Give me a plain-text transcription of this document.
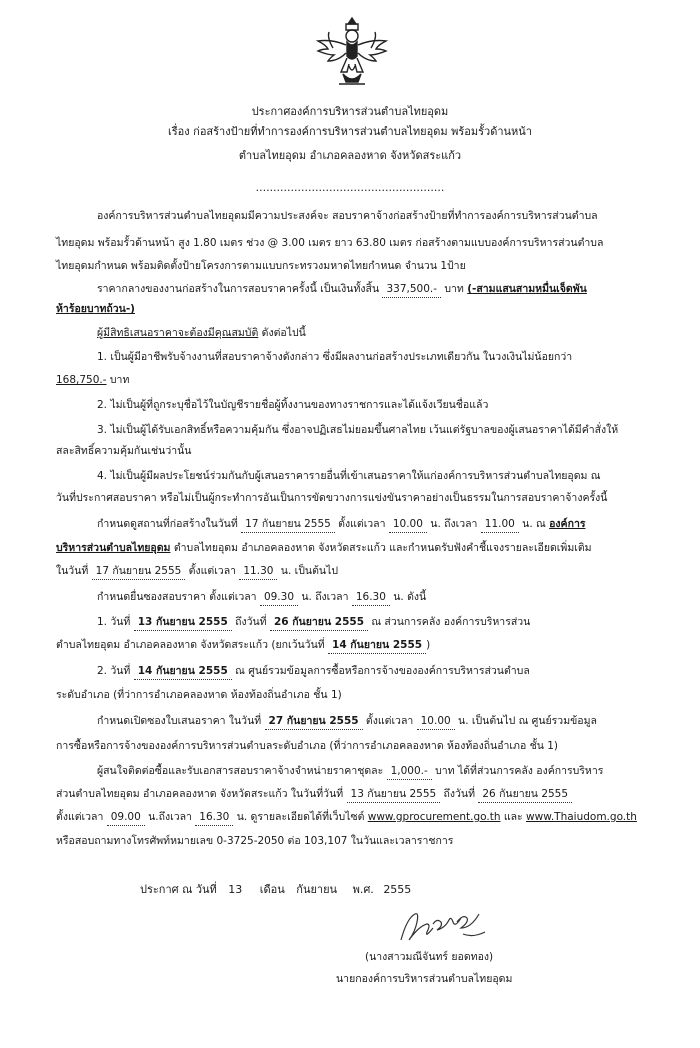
ประกาศองค์การบริหารส่วนตำบลไทยอุดม
เรื่อง ก่อสร้างป้ายที่ทำการองค์การบริหารส่วนตำบลไทยอุดม พร้อมรั้วด้านหน้า
ตำบลไทยอุดม อำเภอคลองหาด จังหวัดสระแก้ว
......................................................
องค์การบริหารส่วนตำบลไทยอุดมมีความประสงค์จะ สอบราคาจ้างก่อสร้างป้ายที่ทำการองค์การบริหารส่วนตำบล
ไทยอุดม พร้อมรั้วด้านหน้า สูง 1.80 เมตร ช่วง @ 3.00 เมตร ยาว 63.80 เมตร ก่อสร้างตามแบบองค์การบริหารส่วนตำบล
ไทยอุดมกำหนด พร้อมติดตั้งป้ายโครงการตามแบบกระทรวงมหาดไทยกำหนด จำนวน 1ป้าย
ราคากลางของงานก่อสร้างในการสอบราคาครั้งนี้ เป็นเงินทั้งสิ้น 337,500.- บาท (-สามแสนสามหมื่นเจ็ดพัน
ห้าร้อยบาทถ้วน-)
ผู้มีสิทธิเสนอราคาจะต้องมีคุณสมบัติ ดังต่อไปนี้
1. เป็นผู้มีอาชีพรับจ้างงานที่สอบราคาจ้างดังกล่าว ซึ่งมีผลงานก่อสร้างประเภทเดียวกัน ในวงเงินไม่น้อยกว่า
168,750.- บาท
2. ไม่เป็นผู้ที่ถูกระบุชื่อไว้ในบัญชีรายชื่อผู้ทิ้งงานของทางราชการและได้แจ้งเวียนชื่อแล้ว
3. ไม่เป็นผู้ได้รับเอกสิทธิ์หรือความคุ้มกัน ซึ่งอาจปฏิเสธไม่ยอมขึ้นศาลไทย เว้นแต่รัฐบาลของผู้เสนอราคาได้มีคำสั่งให้
สละสิทธิ์ความคุ้มกันเช่นว่านั้น
4. ไม่เป็นผู้มีผลประโยชน์ร่วมกันกับผู้เสนอราคารายอื่นที่เข้าเสนอราคาให้แก่องค์การบริหารส่วนตำบลไทยอุดม ณ
วันที่ประกาศสอบราคา หรือไม่เป็นผู้กระทำการอันเป็นการขัดขวางการแข่งขันราคาอย่างเป็นธรรมในการสอบราคาจ้างครั้งนี้
กำหนดดูสถานที่ก่อสร้างในวันที่ 17 กันยายน 2555 ตั้งแต่เวลา 10.00 น. ถึงเวลา 11.00 น. ณ องค์การ
บริหารส่วนตำบลไทยอุดม ตำบลไทยอุดม อำเภอคลองหาด จังหวัดสระแก้ว และกำหนดรับฟังคำชี้แจงรายละเอียดเพิ่มเติม
ในวันที่ 17 กันยายน 2555 ตั้งแต่เวลา 11.30 น. เป็นต้นไป
กำหนดยื่นซองสอบราคา ตั้งแต่เวลา 09.30 น. ถึงเวลา 16.30 น. ดังนี้
1. วันที่ 13 กันยายน 2555 ถึงวันที่ 26 กันยายน 2555 ณ ส่วนการคลัง องค์การบริหารส่วน
ตำบลไทยอุดม อำเภอคลองหาด จังหวัดสระแก้ว (ยกเว้นวันที่ 14 กันยายน 2555 )
2. วันที่ 14 กันยายน 2555 ณ ศูนย์รวมข้อมูลการซื้อหรือการจ้างขององค์การบริหารส่วนตำบล
ระดับอำเภอ (ที่ว่าการอำเภอคลองหาด ห้องท้องถิ่นอำเภอ ชั้น 1)
กำหนดเปิดซองใบเสนอราคา ในวันที่ 27 กันยายน 2555 ตั้งแต่เวลา 10.00 น. เป็นต้นไป ณ ศูนย์รวมข้อมูล
การซื้อหรือการจ้างขององค์การบริหารส่วนตำบลระดับอำเภอ (ที่ว่าการอำเภอคลองหาด ห้องท้องถิ่นอำเภอ ชั้น 1)
ผู้สนใจติดต่อซื้อและรับเอกสารสอบราคาจ้างจำหน่ายราคาชุดละ 1,000.- บาท ได้ที่ส่วนการคลัง องค์การบริหาร
ส่วนตำบลไทยอุดม อำเภอคลองหาด จังหวัดสระแก้ว ในวันที่วันที่ 13 กันยายน 2555 ถึงวันที่ 26 กันยายน 2555
ตั้งแต่เวลา 09.00 น.ถึงเวลา 16.30 น. ดูรายละเอียดได้ที่เว็บไซต์ www.gprocurement.go.th และ www.Thaiudom.go.th
หรือสอบถามทางโทรศัพท์หมายเลข 0-3725-2050 ต่อ 103,107 ในวันและเวลาราชการ
ประกาศ ณ วันที่ 13 เดือน กันยายน พ.ศ. 2555
(นางสาวมณีจันทร์ ยอดทอง)
นายกองค์การบริหารส่วนตำบลไทยอุดม
